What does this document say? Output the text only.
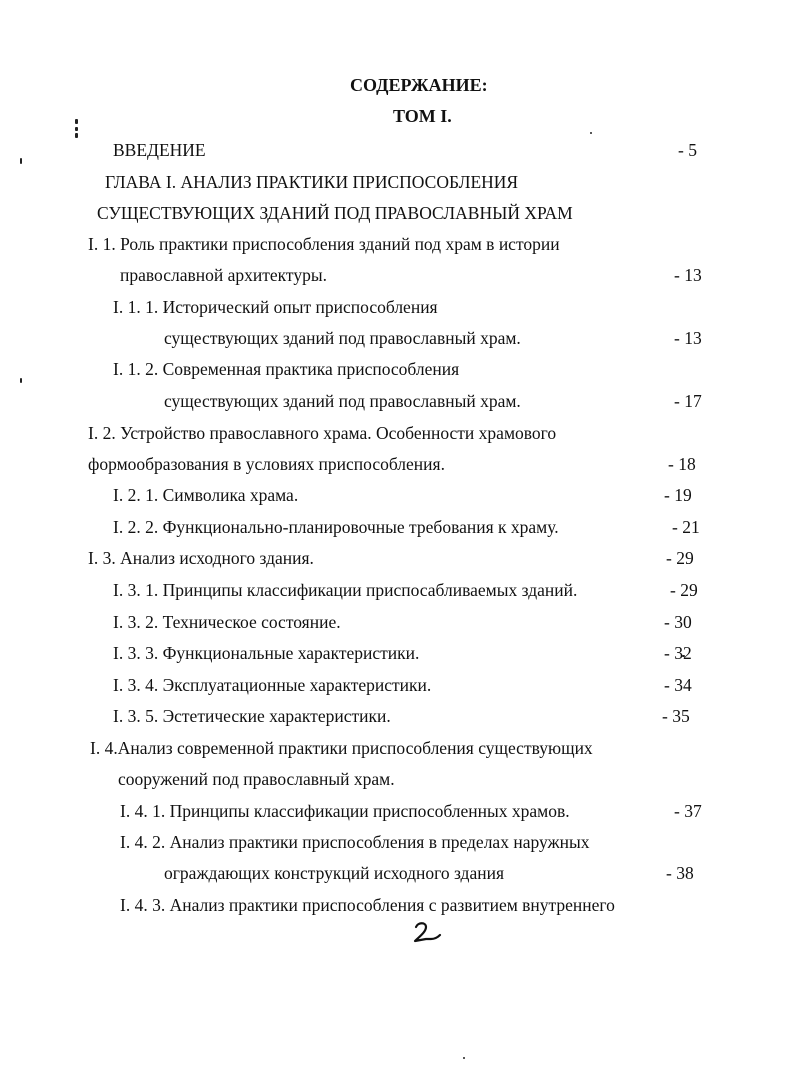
СОДЕРЖАНИЕ:
ТОМ I.
ВВЕДЕНИЕ	- 5
ГЛАВА I. АНАЛИЗ ПРАКТИКИ ПРИСПОСОБЛЕНИЯ
СУЩЕСТВУЮЩИХ ЗДАНИЙ ПОД ПРАВОСЛАВНЫЙ ХРАМ
I. 1. Роль практики приспособления зданий под храм в истории
православной архитектуры.	- 13
I. 1. 1. Исторический опыт приспособления
существующих зданий под православный храм.	- 13
I. 1. 2. Современная практика приспособления
существующих зданий под православный храм.	- 17
I. 2. Устройство православного храма. Особенности храмового
формообразования в условиях приспособления.	- 18
I. 2. 1. Символика храма.	- 19
I. 2. 2. Функционально-планировочные требования к храму.	- 21
I. 3. Анализ исходного здания.	- 29
I. 3. 1. Принципы классификации приспосабливаемых зданий.	- 29
I. 3. 2. Техническое состояние.	- 30
I. 3. 3. Функциональные характеристики.	- 32
I. 3. 4. Эксплуатационные характеристики.	- 34
I. 3. 5. Эстетические характеристики.	- 35
I. 4.Анализ современной практики приспособления существующих
сооружений под православный храм.
I. 4. 1. Принципы классификации приспособленных храмов.	- 37
I. 4. 2. Анализ практики приспособления в пределах наружных
ограждающих конструкций исходного здания	- 38
I. 4. 3. Анализ практики приспособления с развитием внутреннего
